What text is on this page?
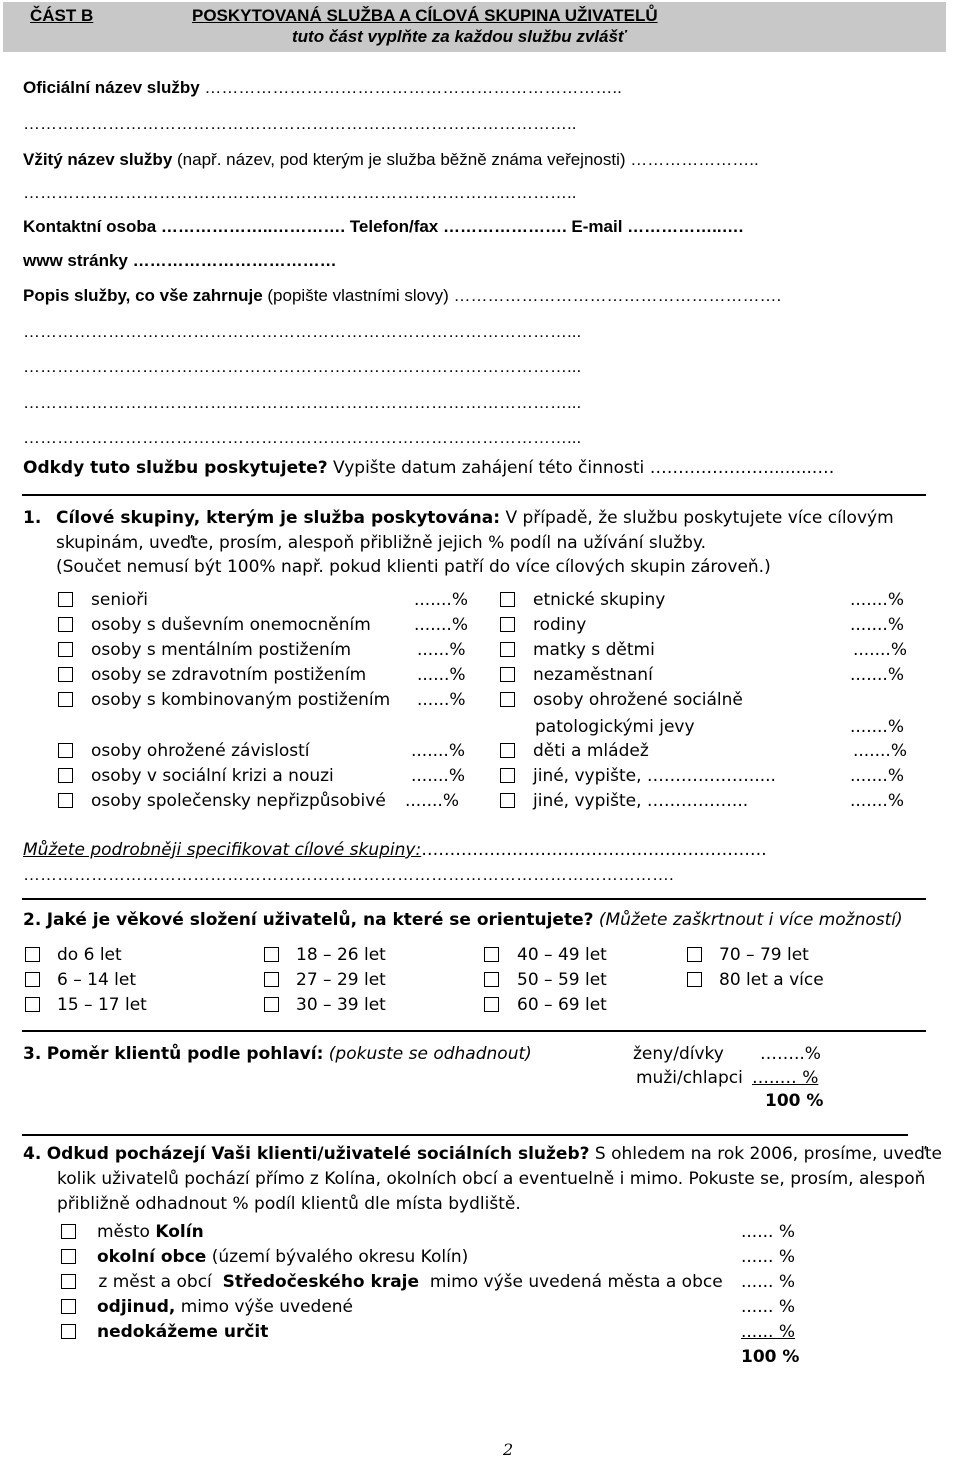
ČÁST B	POSKYTOVANÁ SLUŽBA A CÍLOVÁ SKUPINA UŽIVATELŮ
tuto část vyplňte za každou službu zvlášť
Oficiální název služby ………………………………………………………………..
……………………………………………………………………………………..
Vžitý název služby (např. název, pod kterým je služba běžně známa veřejnosti) …………………..
……………………………………………………………………………………..
Kontaktní osoba ………………..…………. Telefon/fax …………………. E-mail ……………..….
www stránky ………………………………
Popis služby, co vše zahrnuje (popište vlastními slovy) ………………………………………………….
……………………………………………………………………………………...
……………………………………………………………………………………...
……………………………………………………………………………………...
……………………………………………………………………………………...
Odkdy tuto službu poskytujete? Vypište datum zahájení této činnosti ………………….........…
1. Cílové skupiny, kterým je služba poskytována: V případě, že službu poskytujete více cílovým
skupinám, uveďte, prosím, alespoň přibližně jejich % podíl na užívání služby.
(Součet nemusí být 100% např. pokud klienti patří do více cílových skupin zároveň.)
senioři	.......%
osoby s duševním onemocněním	.......%
osoby s mentálním postižením	......%
osoby se zdravotním postižením	......%
osoby s kombinovaným postižením ......%
osoby ohrožené závislostí	.......%
osoby v sociální krizi a nouzi	.......%
osoby společensky nepřizpůsobivé .......%
etnické skupiny	.......%
rodiny	.......%
matky s dětmi	.......%
nezaměstnaní	.......%
osoby ohrožené sociálně
patologickými jevy	.......%
děti a mládež	.......%
jiné, vypište, ……………….....	.......%
jiné, vypište, ……………...	.......%
Můžete podrobněji specifikovat cílové skupiny:…………………………………………………….
…………………………………………………………………………………………………….
2. Jaké je věkové složení uživatelů, na které se orientujete? (Můžete zaškrtnout i více možností)
do 6 let
6 – 14 let
15 – 17 let
18 – 26 let
27 – 29 let
30 – 39 let
40 – 49 let
50 – 59 let
60 – 69 let
70 – 79 let
80 let a více
3. Poměr klientů podle pohlaví: (pokuste se odhadnout)	ženy/dívky ……..%
muži/chlapci …..… %
100 %
4. Odkud pocházejí Vaši klienti/uživatelé sociálních služeb? S ohledem na rok 2006, prosíme, uveďte
kolik uživatelů pochází přímo z Kolína, okolních obcí a eventuelně i mimo. Pokuste se, prosím, alespoň
přibližně odhadnout % podíl klientů dle místa bydliště.
město Kolín	...... %
okolní obce (území bývalého okresu Kolín)	...... %
z měst a obcí  Středočeského kraje  mimo výše uvedená města a obce ...... %
odjinud, mimo výše uvedené	...... %
nedokážeme určit	...... %
100 %
2
